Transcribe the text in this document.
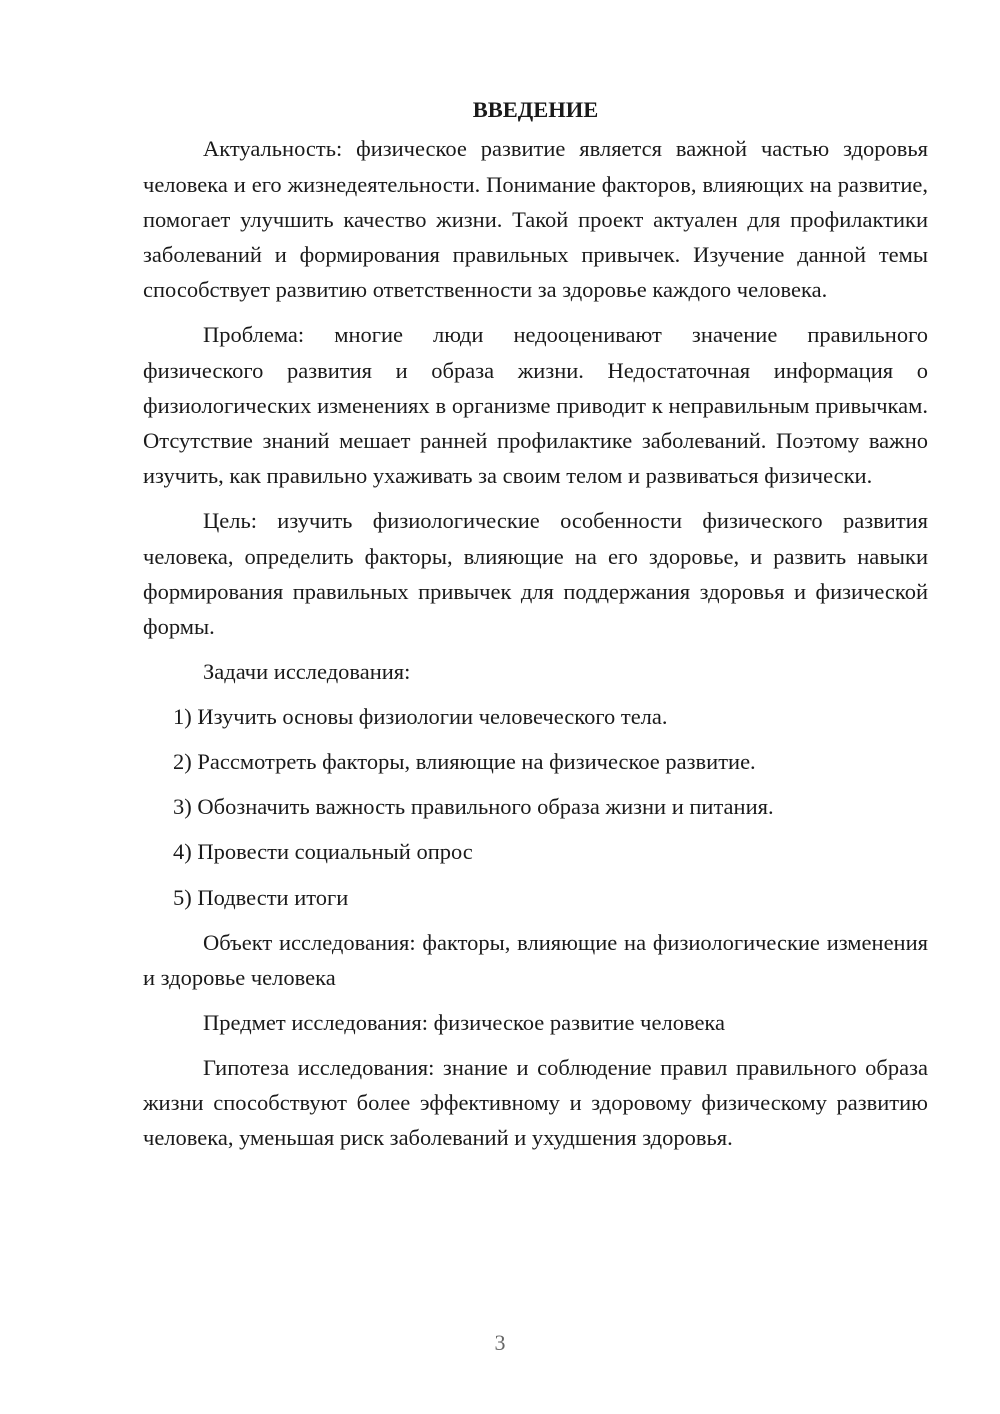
ВВЕДЕНИЕ

Актуальность: физическое развитие является важной частью здоровья человека и его жизнедеятельности. Понимание факторов, влияющих на развитие, помогает улучшить качество жизни. Такой проект актуален для профилактики заболеваний и формирования правильных привычек. Изучение данной темы способствует развитию ответственности за здоровье каждого человека.

Проблема: многие люди недооценивают значение правильного физического развития и образа жизни. Недостаточная информация о физиологических изменениях в организме приводит к неправильным привычкам. Отсутствие знаний мешает ранней профилактике заболеваний. Поэтому важно изучить, как правильно ухаживать за своим телом и развиваться физически.

Цель: изучить физиологические особенности физического развития человека, определить факторы, влияющие на его здоровье, и развить навыки формирования правильных привычек для поддержания здоровья и физической формы.

Задачи исследования:

1) Изучить основы физиологии человеческого тела.
2) Рассмотреть факторы, влияющие на физическое развитие.
3) Обозначить важность правильного образа жизни и питания.
4) Провести социальный опрос
5) Подвести итоги

Объект исследования: факторы, влияющие на физиологические изменения и здоровье человека

Предмет исследования: физическое развитие человека

Гипотеза исследования: знание и соблюдение правил правильного образа жизни способствуют более эффективному и здоровому физическому развитию человека, уменьшая риск заболеваний и ухудшения здоровья.

3
